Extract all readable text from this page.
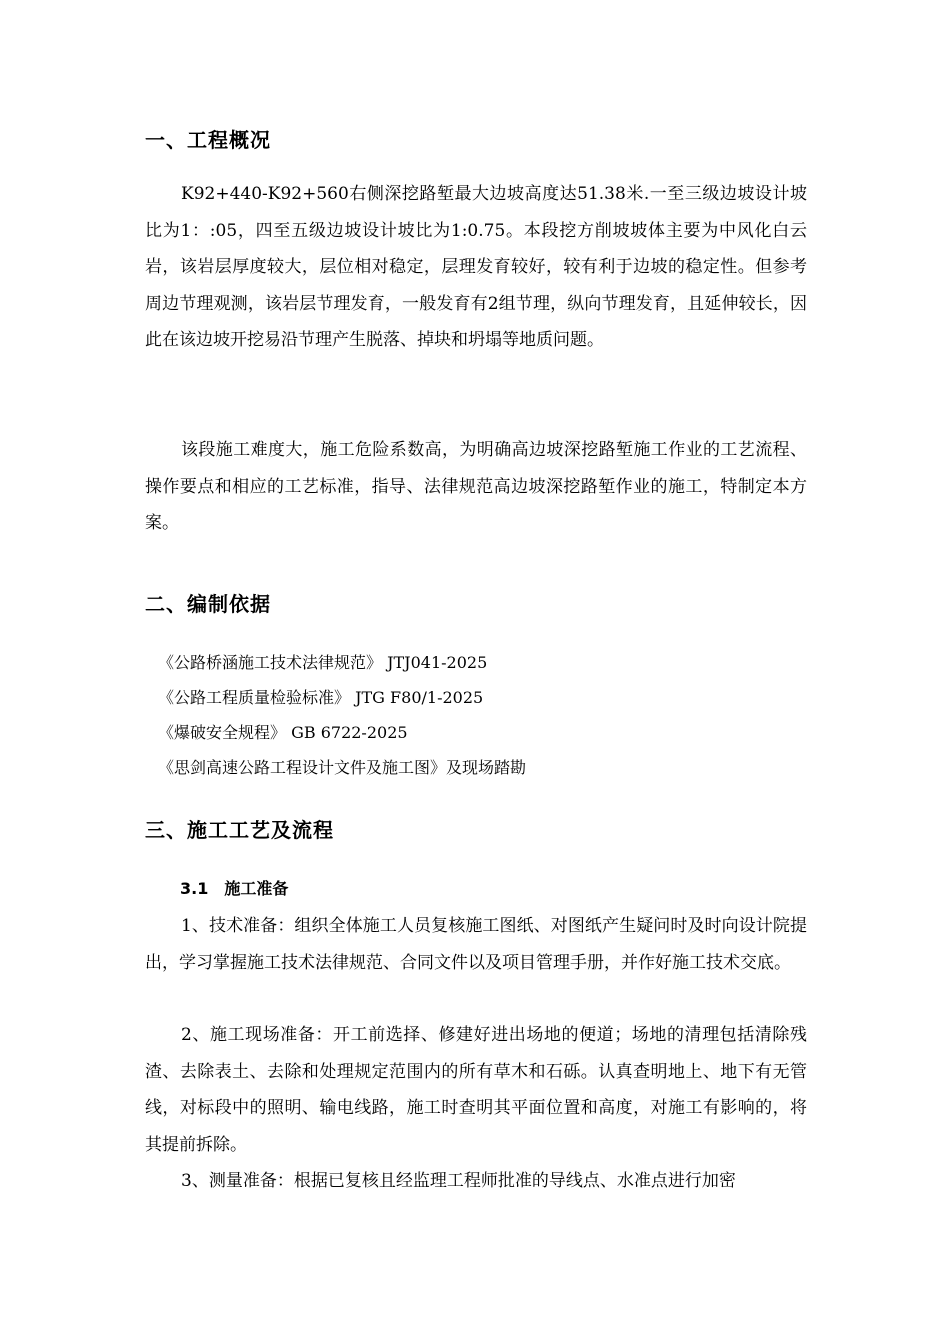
一、工程概况

K92+440-K92+560右侧深挖路堑最大边坡高度达51.38米.一至三级边坡设计坡比为1：:05，四至五级边坡设计坡比为1:0.75。本段挖方削坡坡体主要为中风化白云岩，该岩层厚度较大，层位相对稳定，层理发育较好，较有利于边坡的稳定性。但参考周边节理观测，该岩层节理发育，一般发育有2组节理，纵向节理发育，且延伸较长，因此在该边坡开挖易沿节理产生脱落、掉块和坍塌等地质问题。

该段施工难度大，施工危险系数高，为明确高边坡深挖路堑施工作业的工艺流程、操作要点和相应的工艺标准，指导、法律规范高边坡深挖路堑作业的施工，特制定本方案。

二、编制依据
《公路桥涵施工技术法律规范》 JTJ041-2025
《公路工程质量检验标准》 JTG F80/1-2025
《爆破安全规程》 GB 6722-2025
《思剑高速公路工程设计文件及施工图》及现场踏勘
三、施工工艺及流程
3.1 施工准备

1、技术准备：组织全体施工人员复核施工图纸、对图纸产生疑问时及时向设计院提出，学习掌握施工技术法律规范、合同文件以及项目管理手册，并作好施工技术交底。

2、施工现场准备：开工前选择、修建好进出场地的便道；场地的清理包括清除残渣、去除表土、去除和处理规定范围内的所有草木和石砾。认真查明地上、地下有无管线，对标段中的照明、输电线路，施工时查明其平面位置和高度，对施工有影响的，将其提前拆除。

3、测量准备：根据已复核且经监理工程师批准的导线点、水准点进行加密
